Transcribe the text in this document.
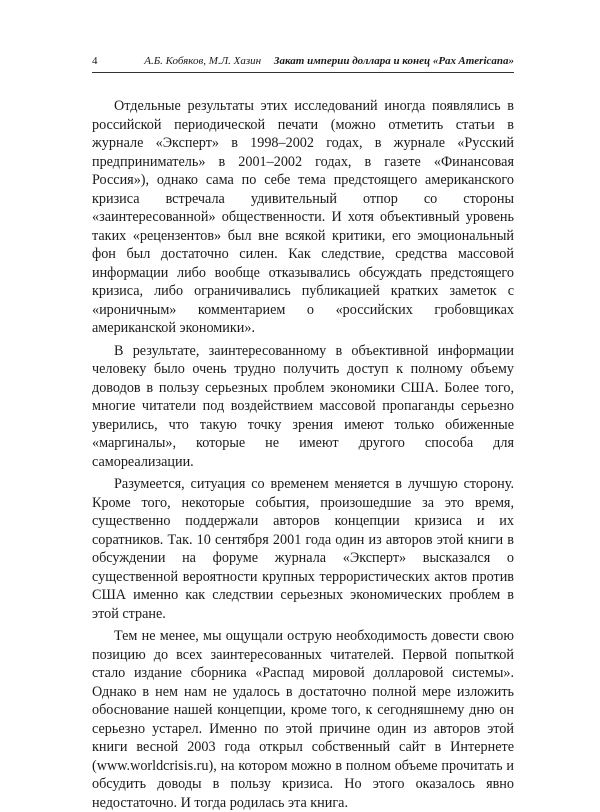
4	А.Б. Кобяков, М.Л. Хазин Закат империи доллара и конец «Pax Americana»

Отдельные результаты этих исследований иногда появлялись в российской периодической печати (можно отметить статьи в журнале «Эксперт» в 1998–2002 годах, в журнале «Русский предприниматель» в 2001–2002 годах, в газете «Финансовая Россия»), однако сама по себе тема предстоящего американского кризиса встречала удивительный отпор со стороны «заинтересованной» общественности. И хотя объективный уровень таких «рецензентов» был вне всякой критики, его эмоциональный фон был достаточно силен. Как следствие, средства массовой информации либо вообще отказывались обсуждать предстоящего кризиса, либо ограничивались публикацией кратких заметок с «ироничным» комментарием о «российских гробовщиках американской экономики».

В результате, заинтересованному в объективной информации человеку было очень трудно получить доступ к полному объему доводов в пользу серьезных проблем экономики США. Более того, многие читатели под воздействием массовой пропаганды серьезно уверились, что такую точку зрения имеют только обиженные «маргиналы», которые не имеют другого способа для самореализации.

Разумеется, ситуация со временем меняется в лучшую сторону. Кроме того, некоторые события, произошедшие за это время, существенно поддержали авторов концепции кризиса и их соратников. Так. 10 сентября 2001 года один из авторов этой книги в обсуждении на форуме журнала «Эксперт» высказался о существенной вероятности крупных террористических актов против США именно как следствии серьезных экономических проблем в этой стране.

Тем не менее, мы ощущали острую необходимость довести свою позицию до всех заинтересованных читателей. Первой попыткой стало издание сборника «Распад мировой долларовой системы». Однако в нем нам не удалось в достаточно полной мере изложить обоснование нашей концепции, кроме того, к сегодняшнему дню он серьезно устарел. Именно по этой причине один из авторов этой книги весной 2003 года открыл собственный сайт в Интернете (www.worldcrisis.ru), на котором можно в полном объеме прочитать и обсудить доводы в пользу кризиса. Но этого оказалось явно недостаточно. И тогда родилась эта книга.
